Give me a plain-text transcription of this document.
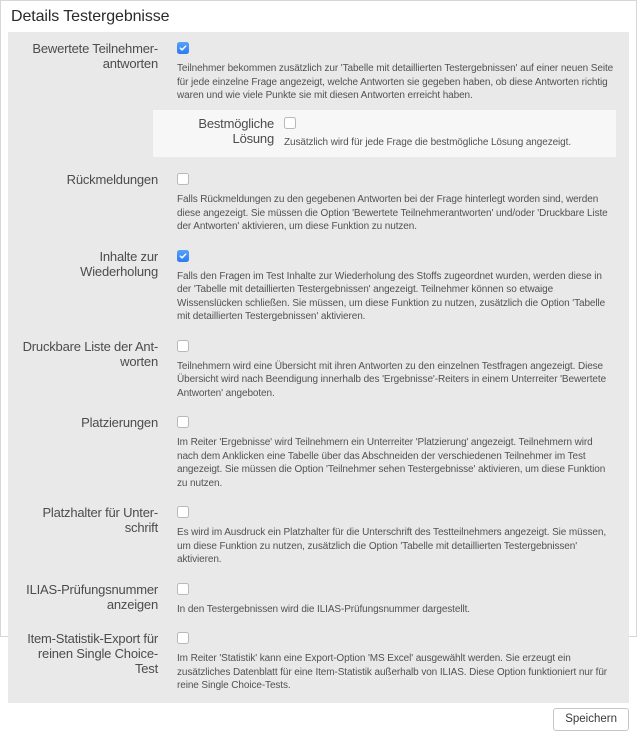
Details Testergebnisse
Bewertete Teilnehmer-
antworten Teilnehmer bekommen zusätzlich zur 'Tabelle mit detaillierten Testergebnissen' auf einer neuen Seite für jede einzelne Frage angezeigt, welche Antworten sie gegeben haben, ob diese Antworten richtig waren und wie viele Punkte sie mit diesen Antworten erreicht haben.
Bestmögliche
Lösung Zusätzlich wird für jede Frage die bestmögliche Lösung angezeigt.
Rückmeldungen
Falls Rückmeldungen zu den gegebenen Antworten bei der Frage hinterlegt worden sind, werden diese angezeigt. Sie müssen die Option 'Bewertete Teilnehmerantworten' und/oder 'Druckbare Liste der Antworten' aktivieren, um diese Funktion zu nutzen.
Inhalte zur Wiederholung Falls den Fragen im Test Inhalte zur Wiederholung des Stoffs zugeordnet wurden, werden diese in der 'Tabelle mit detaillierten Testergebnissen' angezeigt. Teilnehmer können so etwaige Wissenslücken schließen. Sie müssen, um diese Funktion zu nutzen, zusätzlich die Option 'Tabelle mit detaillierten Testergebnissen' aktivieren.
Druckbare Liste der Ant-
worten Teilnehmern wird eine Übersicht mit ihren Antworten zu den einzelnen Testfragen angezeigt. Diese Übersicht wird nach Beendigung innerhalb des 'Ergebnisse'-Reiters in einem Unterreiter 'Bewertete Antworten' angeboten.
Platzierungen
Im Reiter 'Ergebnisse' wird Teilnehmern ein Unterreiter 'Platzierung' angezeigt. Teilnehmern wird nach dem Anklicken eine Tabelle über das Abschneiden der verschiedenen Teilnehmer im Test angezeigt. Sie müssen die Option 'Teilnehmer sehen Testergebnisse' aktivieren, um diese Funktion zu nutzen.
Platzhalter für Unter-
schrift Es wird im Ausdruck ein Platzhalter für die Unterschrift des Testteilnehmers angezeigt. Sie müssen, um diese Funktion zu nutzen, zusätzlich die Option 'Tabelle mit detaillierten Testergebnissen' aktivieren.
ILIAS-Prüfungsnummer
anzeigen In den Testergebnissen wird die ILIAS-Prüfungsnummer dargestellt.
Item-Statistik-Export für
reinen Single Choice-Test
Im Reiter 'Statistik' kann eine Export-Option 'MS Excel' ausgewählt werden. Sie erzeugt ein zusätzliches Datenblatt für eine Item-Statistik außerhalb von ILIAS. Diese Option funktioniert nur für reine Single Choice-Tests.
Speichern
